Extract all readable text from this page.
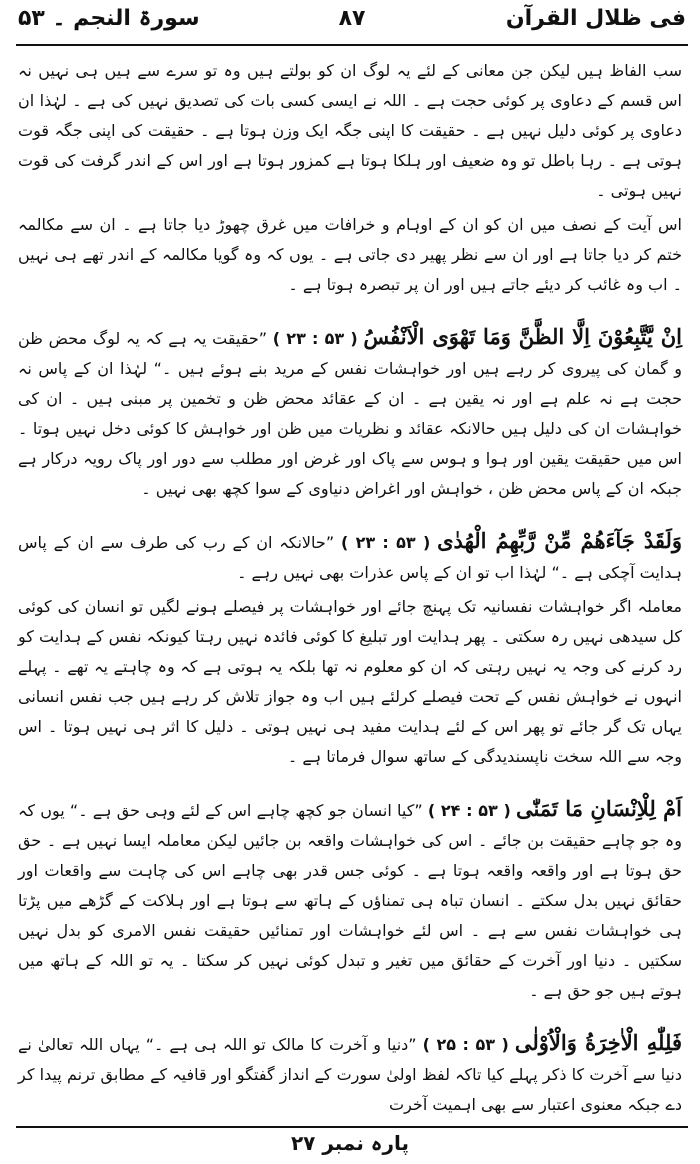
فی ظلال القرآن
۸۷
سورۃ النجم ۔ ۵۳

سب الفاظ ہیں لیکن جن معانی کے لئے یہ لوگ ان کو بولتے ہیں وہ تو سرے سے ہیں ہی نہیں نہ اس قسم کے دعاوی پر کوئی حجت ہے ۔ اللہ نے ایسی کسی بات کی تصدیق نہیں کی ہے ۔ لہٰذا ان دعاوی پر کوئی دلیل نہیں ہے ۔ حقیقت کا اپنی جگہ ایک وزن ہوتا ہے ۔ حقیقت کی اپنی جگہ قوت ہوتی ہے ۔ رہا باطل تو وہ ضعیف اور ہلکا ہوتا ہے کمزور ہوتا ہے اور اس کے اندر گرفت کی قوت نہیں ہوتی ۔

اس آیت کے نصف میں ان کو ان کے اوہام و خرافات میں غرق چھوڑ دیا جاتا ہے ۔ ان سے مکالمہ ختم کر دیا جاتا ہے اور ان سے نظر پھیر دی جاتی ہے ۔ یوں کہ وہ گویا مکالمہ کے اندر تھے ہی نہیں ۔ اب وہ غائب کر دیئے جاتے ہیں اور ان پر تبصرہ ہوتا ہے ۔

اِنْ يَّتَّبِعُوْنَ اِلَّا الظَّنَّ وَمَا تَهْوَى الْاَنْفُسُ ( ۵۳ : ۲۳ ) ”حقیقت یہ ہے کہ یہ لوگ محض ظن و گمان کی پیروی کر رہے ہیں اور خواہشات نفس کے مرید بنے ہوئے ہیں ۔“ لہٰذا ان کے پاس نہ حجت ہے نہ علم ہے اور نہ یقین ہے ۔ ان کے عقائد محض ظن و تخمین پر مبنی ہیں ۔ ان کی خواہشات ان کی دلیل ہیں حالانکہ عقائد و نظریات میں ظن اور خواہش کا کوئی دخل نہیں ہوتا ۔ اس میں حقیقت یقین اور ہوا و ہوس سے پاک اور غرض اور مطلب سے دور اور پاک رویہ درکار ہے جبکہ ان کے پاس محض ظن ، خواہش اور اغراض دنیاوی کے سوا کچھ بھی نہیں ۔

وَلَقَدْ جَآءَهُمْ مِّنْ رَّبِّهِمُ الْهُدٰى ( ۵۳ : ۲۳ ) ”حالانکہ ان کے رب کی طرف سے ان کے پاس ہدایت آچکی ہے ۔“ لہٰذا اب تو ان کے پاس عذرات بھی نہیں رہے ۔

معاملہ اگر خواہشات نفسانیہ تک پہنچ جائے اور خواہشات پر فیصلے ہونے لگیں تو انسان کی کوئی کل سیدھی نہیں رہ سکتی ۔ پھر ہدایت اور تبلیغ کا کوئی فائدہ نہیں رہتا کیونکہ نفس کے ہدایت کو رد کرنے کی وجہ یہ نہیں رہتی کہ ان کو معلوم نہ تھا بلکہ یہ ہوتی ہے کہ وہ چاہتے یہ تھے ۔ پہلے انہوں نے خواہش نفس کے تحت فیصلے کرلئے ہیں اب وہ جواز تلاش کر رہے ہیں جب نفس انسانی یہاں تک گر جائے تو پھر اس کے لئے ہدایت مفید ہی نہیں ہوتی ۔ دلیل کا اثر ہی نہیں ہوتا ۔ اس وجہ سے اللہ سخت ناپسندیدگی کے ساتھ سوال فرماتا ہے ۔

اَمْ لِلْاِنْسَانِ مَا تَمَنّٰى ( ۵۳ : ۲۴ ) ”کیا انسان جو کچھ چاہے اس کے لئے وہی حق ہے ۔“ یوں کہ وہ جو چاہے حقیقت بن جائے ۔ اس کی خواہشات واقعہ بن جائیں لیکن معاملہ ایسا نہیں ہے ۔ حق حق ہوتا ہے اور واقعہ واقعہ ہوتا ہے ۔ کوئی جس قدر بھی چاہے اس کی چاہت سے واقعات اور حقائق نہیں بدل سکتے ۔ انسان تباہ ہی تمناؤں کے ہاتھ سے ہوتا ہے اور ہلاکت کے گڑھے میں پڑتا ہی خواہشات نفس سے ہے ۔ اس لئے خواہشات اور تمنائیں حقیقت نفس الامری کو بدل نہیں سکتیں ۔ دنیا اور آخرت کے حقائق میں تغیر و تبدل کوئی نہیں کر سکتا ۔ یہ تو اللہ کے ہاتھ میں ہوتے ہیں جو حق ہے ۔

فَلِلّٰهِ الْاٰخِرَةُ وَالْاُوْلٰى ( ۵۳ : ۲۵ ) ”دنیا و آخرت کا مالک تو اللہ ہی ہے ۔“ یہاں اللہ تعالیٰ نے دنیا سے آخرت کا ذکر پہلے کیا تاکہ لفظ اولیٰ سورت کے انداز گفتگو اور قافیہ کے مطابق ترنم پیدا کر دے جبکہ معنوی اعتبار سے بھی اہمیت آخرت

پارہ نمبر ۲۷
